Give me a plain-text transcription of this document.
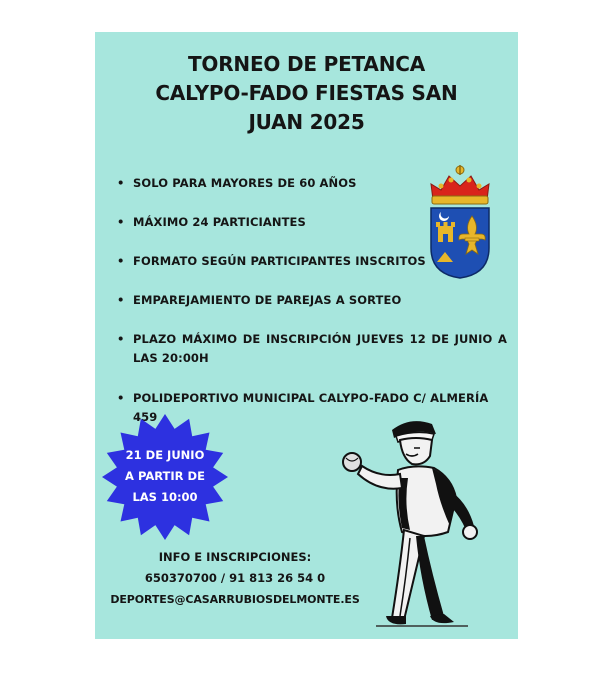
TORNEO DE PETANCA
CALYPO-FADO FIESTAS SAN
JUAN 2025
• SOLO PARA MAYORES DE 60 AÑOS
• MÁXIMO 24 PARTICIANTES
• FORMATO SEGÚN PARTICIPANTES INSCRITOS
• EMPAREJAMIENTO DE PAREJAS A SORTEO
• PLAZO MÁXIMO DE INSCRIPCIÓN JUEVES 12 DE JUNIO A LAS 20:00H
• POLIDEPORTIVO MUNICIPAL CALYPO-FADO C/ ALMERÍA 459
21 DE JUNIO
A PARTIR DE
LAS 10:00
INFO E INSCRIPCIONES:
650370700 / 91 813 26 54 0
DEPORTES@CASARRUBIOSDELMONTE.ES
